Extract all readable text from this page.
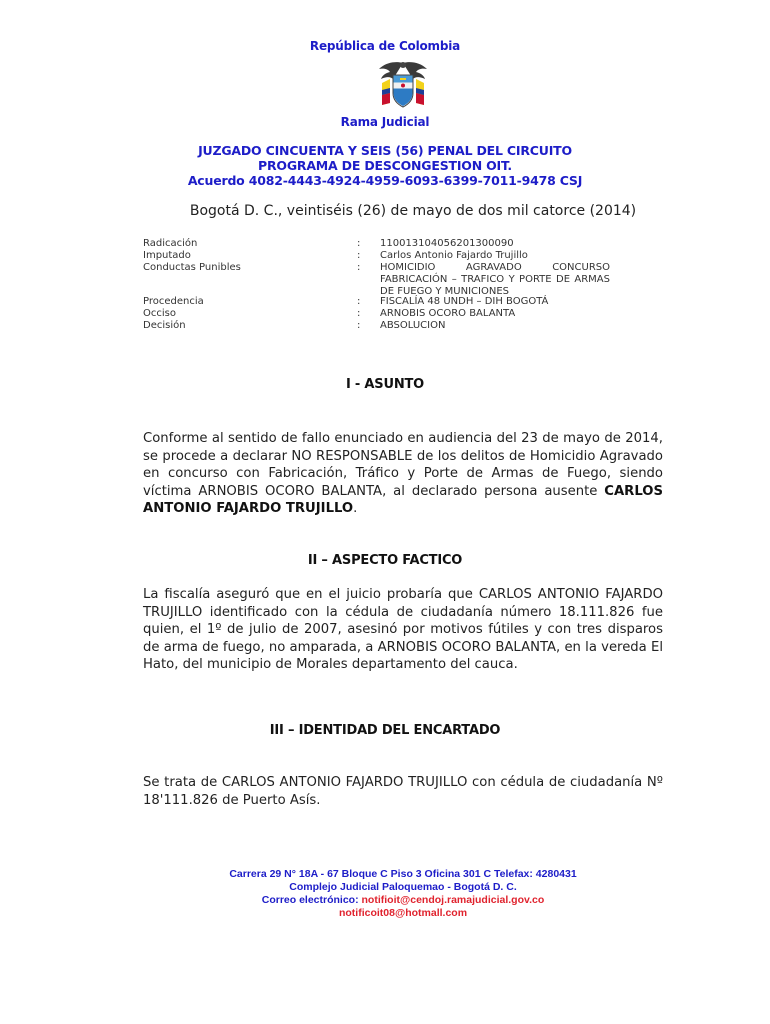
República de Colombia
Rama Judicial
JUZGADO CINCUENTA Y SEIS (56) PENAL DEL CIRCUITO
PROGRAMA DE DESCONGESTION OIT.
Acuerdo 4082-4443-4924-4959-6093-6399-7011-9478 CSJ
Bogotá D. C., veintiséis (26) de mayo de dos mil catorce (2014)
Radicación	: 110013104056201300090
Imputado	: Carlos Antonio Fajardo Trujillo
Conductas Punibles	: HOMICIDIO AGRAVADO CONCURSO FABRICACIÓN – TRAFICO Y PORTE DE ARMAS DE FUEGO Y MUNICIONES
Procedencia	: FISCALÍA 48 UNDH – DIH BOGOTÁ
Occiso	: ARNOBIS OCORO BALANTA
Decisión	: ABSOLUCION
I - ASUNTO
Conforme al sentido de fallo enunciado en audiencia del 23 de mayo de 2014, se procede a declarar NO RESPONSABLE de los delitos de Homicidio Agravado en concurso con Fabricación, Tráfico y Porte de Armas de Fuego, siendo víctima ARNOBIS OCORO BALANTA, al declarado persona ausente CARLOS ANTONIO FAJARDO TRUJILLO.
II – ASPECTO FACTICO
La fiscalía aseguró que en el juicio probaría que CARLOS ANTONIO FAJARDO TRUJILLO identificado con la cédula de ciudadanía número 18.111.826 fue quien, el 1º de julio de 2007, asesinó por motivos fútiles y con tres disparos de arma de fuego, no amparada, a ARNOBIS OCORO BALANTA, en la vereda El Hato, del municipio de Morales departamento del cauca.
III – IDENTIDAD DEL ENCARTADO
Se trata de CARLOS ANTONIO FAJARDO TRUJILLO con cédula de ciudadanía Nº 18'111.826 de Puerto Asís.
Carrera 29 N° 18A - 67 Bloque C Piso 3 Oficina 301 C Telefax: 4280431
Complejo Judicial Paloquemao - Bogotá D. C.
Correo electrónico: notifioit@cendoj.ramajudicial.gov.co
notificoit08@hotmall.com
